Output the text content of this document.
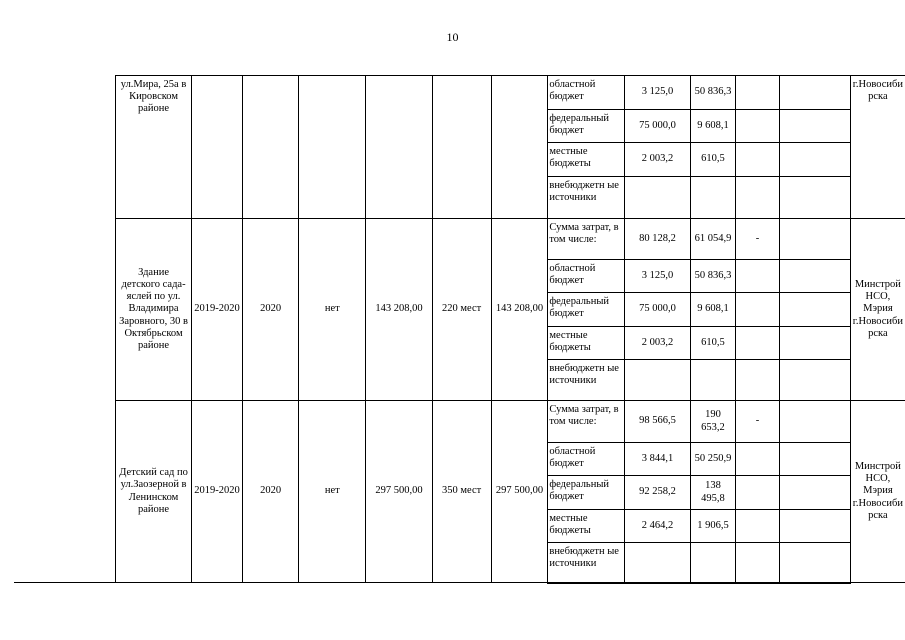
10
	ул.Мира, 25а в Кировском районе							областной бюджет	3 125,0	50 836,3			г.Новосиби рска
								федеральный бюджет	75 000,0	9 608,1			
								местные бюджеты	2 003,2	610,5			
								внебюджетн ые источники					
	Здание детского сада-яслей по ул. Владимира Заровного, 30 в Октябрьском районе	2019-2020	2020	нет	143 208,00	220 мест	143 208,00	Сумма затрат, в том числе:	80 128,2	61 054,9	-		Минстрой НСО, Мэрия г.Новосиби рска
								областной бюджет	3 125,0	50 836,3			
								федеральный бюджет	75 000,0	9 608,1			
								местные бюджеты	2 003,2	610,5			
								внебюджетн ые источники					
	Детский сад по ул.Заозерной в Ленинском районе	2019-2020	2020	нет	297 500,00	350 мест	297 500,00	Сумма затрат, в том числе:	98 566,5	190 653,2	-		Минстрой НСО, Мэрия г.Новосиби рска
								областной бюджет	3 844,1	50 250,9			
								федеральный бюджет	92 258,2	138 495,8			
								местные бюджеты	2 464,2	1 906,5			
								внебюджетн ые источники					
